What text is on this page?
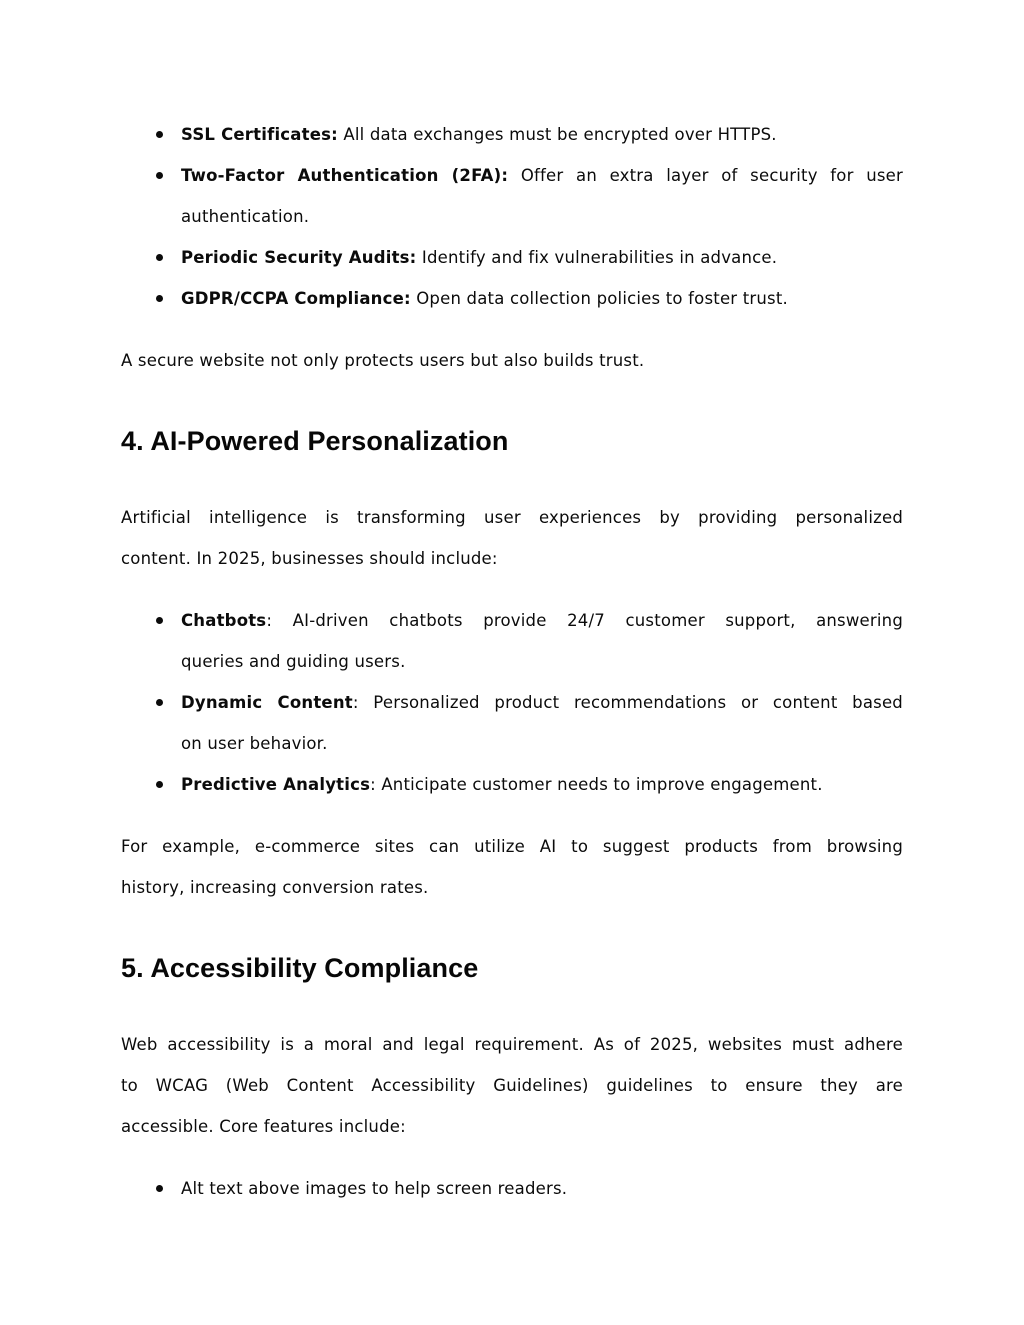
SSL Certificates: All data exchanges must be encrypted over HTTPS.
Two-Factor Authentication (2FA): Offer an extra layer of security for user
authentication.
Periodic Security Audits: Identify and fix vulnerabilities in advance.
GDPR/CCPA Compliance: Open data collection policies to foster trust.

A secure website not only protects users but also builds trust.

4. AI-Powered Personalization
Artificial intelligence is transforming user experiences by providing personalized
content. In 2025, businesses should include:
Chatbots: AI-driven chatbots provide 24/7 customer support, answering
queries and guiding users.
Dynamic Content: Personalized product recommendations or content based
on user behavior.
Predictive Analytics: Anticipate customer needs to improve engagement.
For example, e-commerce sites can utilize AI to suggest products from browsing
history, increasing conversion rates.
5. Accessibility Compliance
Web accessibility is a moral and legal requirement. As of 2025, websites must adhere
to WCAG (Web Content Accessibility Guidelines) guidelines to ensure they are
accessible. Core features include:
Alt text above images to help screen readers.
